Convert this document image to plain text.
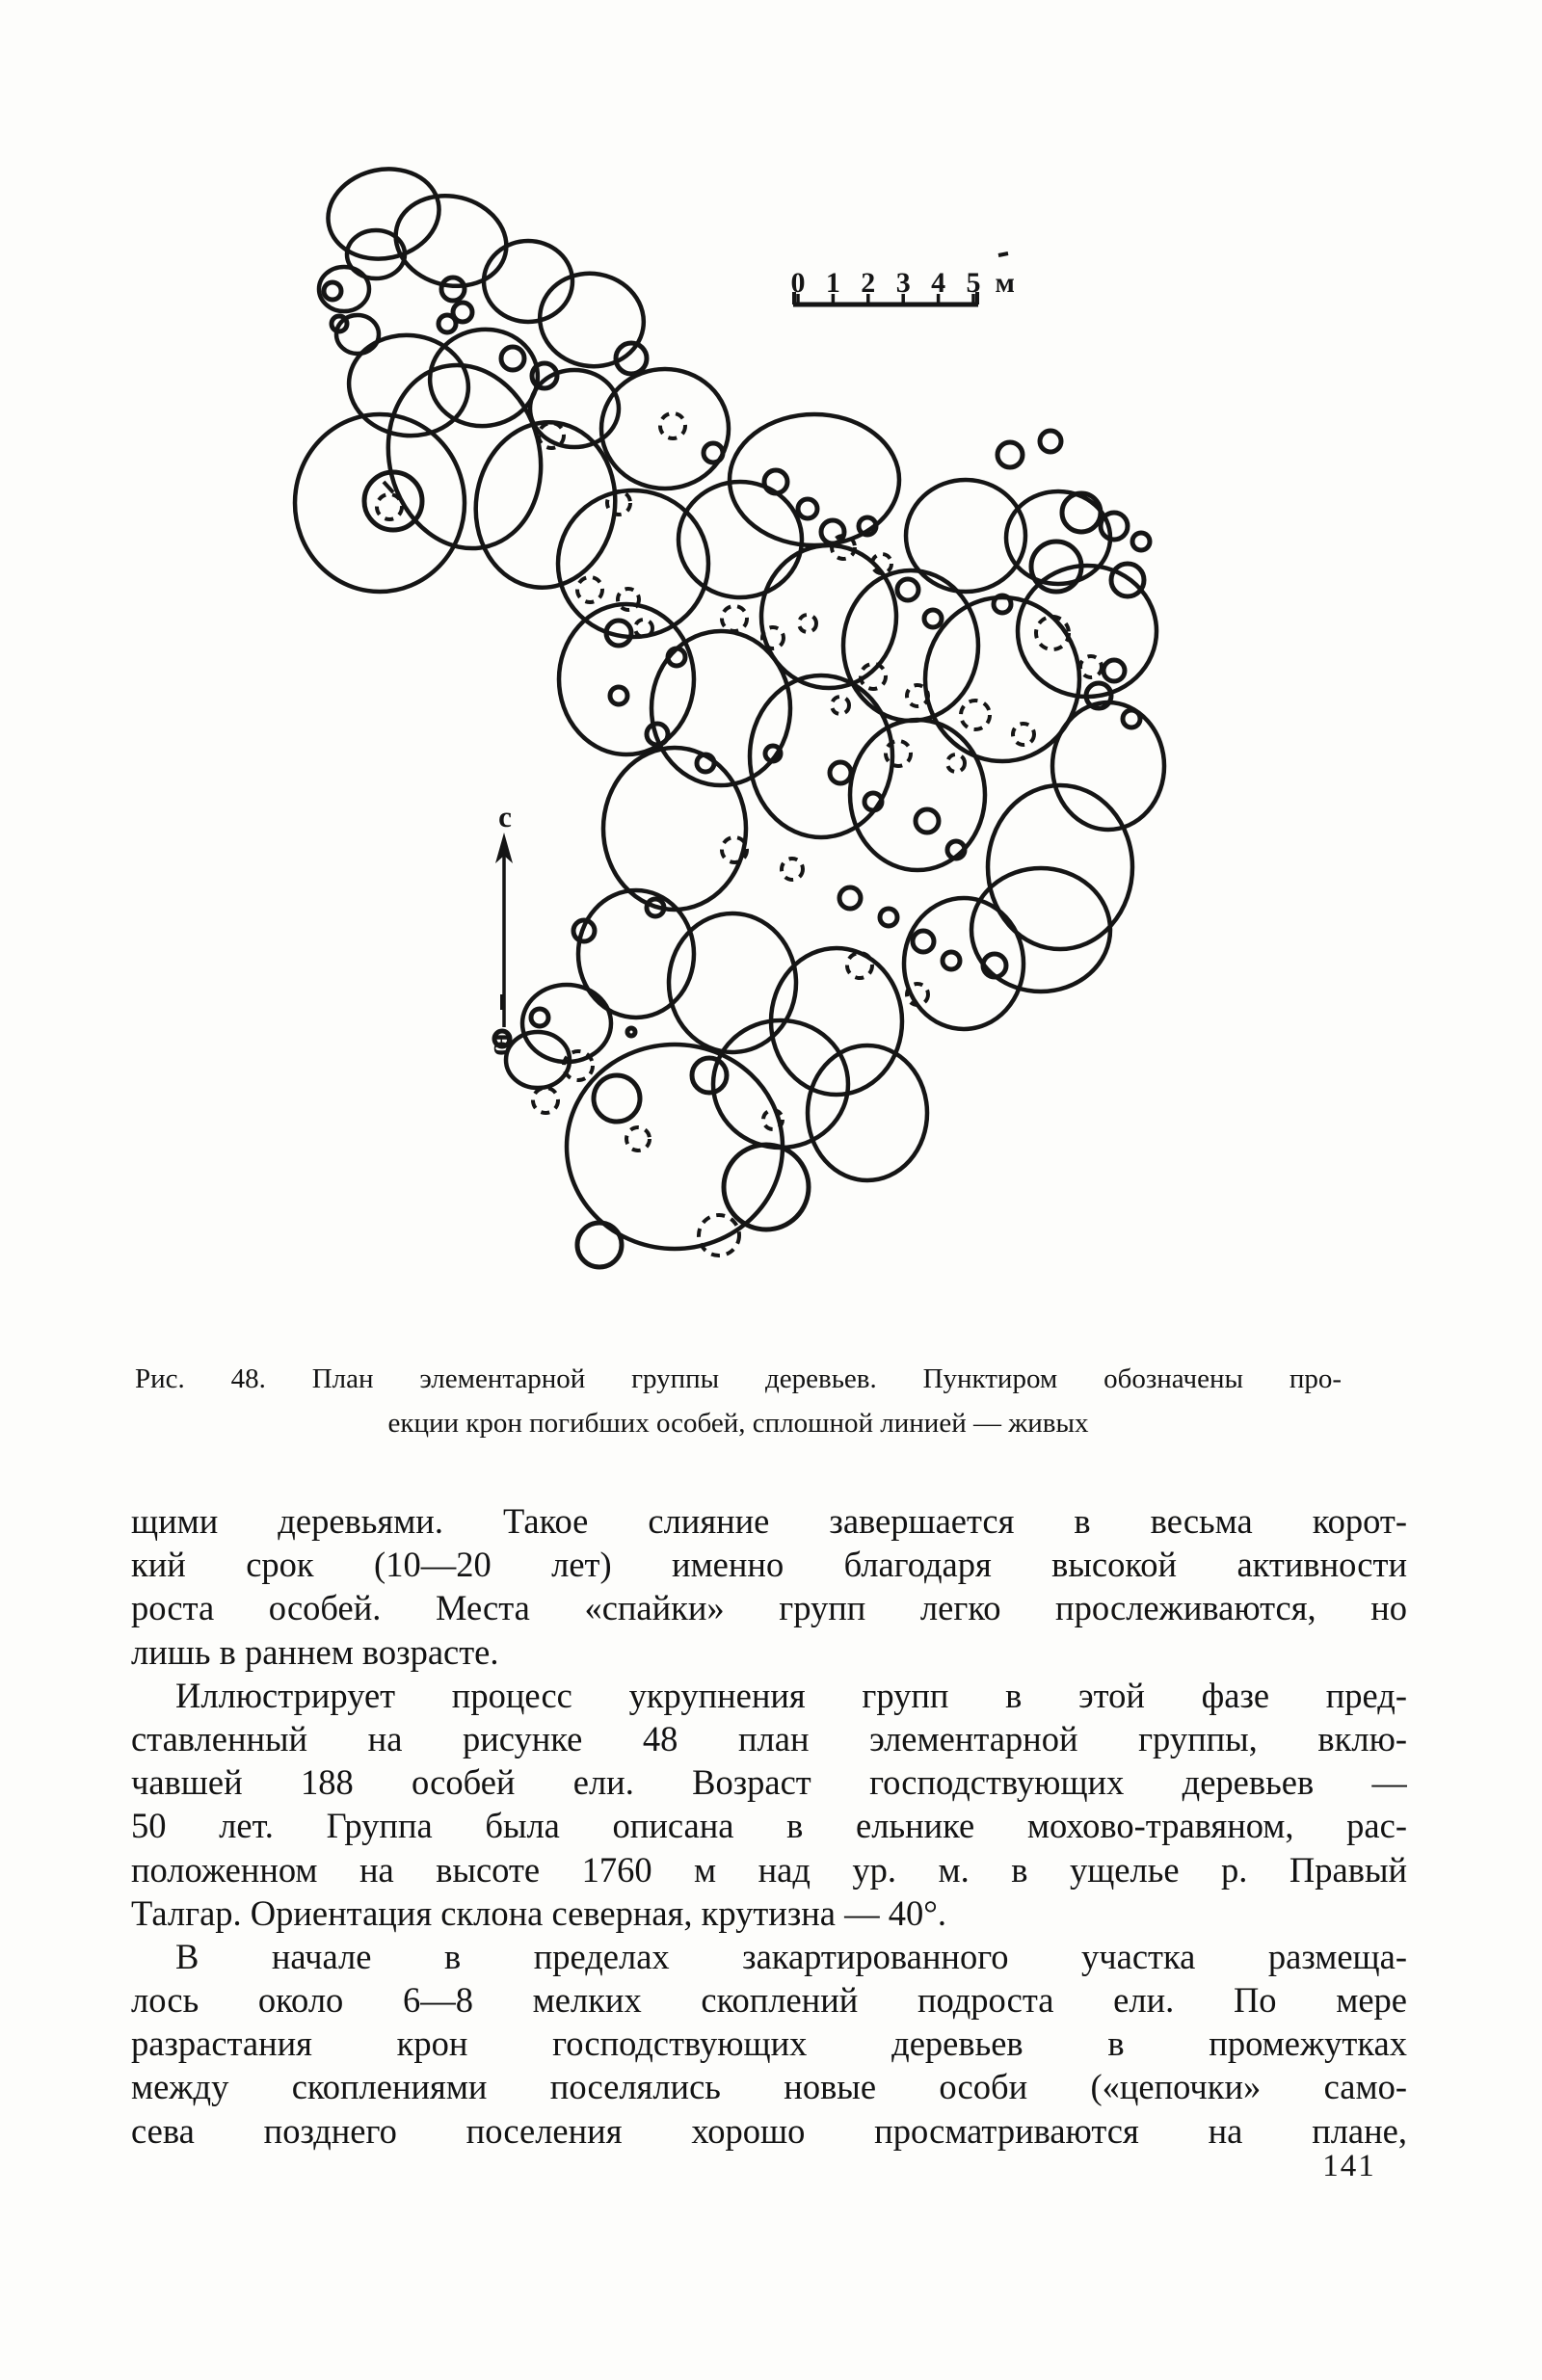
0 1 2 3 4 5 м
с
ю
Рис. 48. План элементарной группы деревьев. Пунктиром обозначены про-
екции крон погибших особей, сплошной линией — живых
щими деревьями. Такое слияние завершается в весьма корот-
кий срок (10—20 лет) именно благодаря высокой активности
роста особей. Места «спайки» групп легко прослеживаются, но
лишь в раннем возрасте.
Иллюстрирует процесс укрупнения групп в этой фазе пред-
ставленный на рисунке 48 план элементарной группы, вклю-
чавшей 188 особей ели. Возраст господствующих деревьев —
50 лет. Группа была описана в ельнике мохово-травяном, рас-
положенном на высоте 1760 м над ур. м. в ущелье р. Правый
Талгар. Ориентация склона северная, крутизна — 40°.
В начале в пределах закартированного участка размеща-
лось около 6—8 мелких скоплений подроста ели. По мере
разрастания крон господствующих деревьев в промежутках
между скоплениями поселялись новые особи («цепочки» само-
сева позднего поселения хорошо просматриваются на плане,
141
